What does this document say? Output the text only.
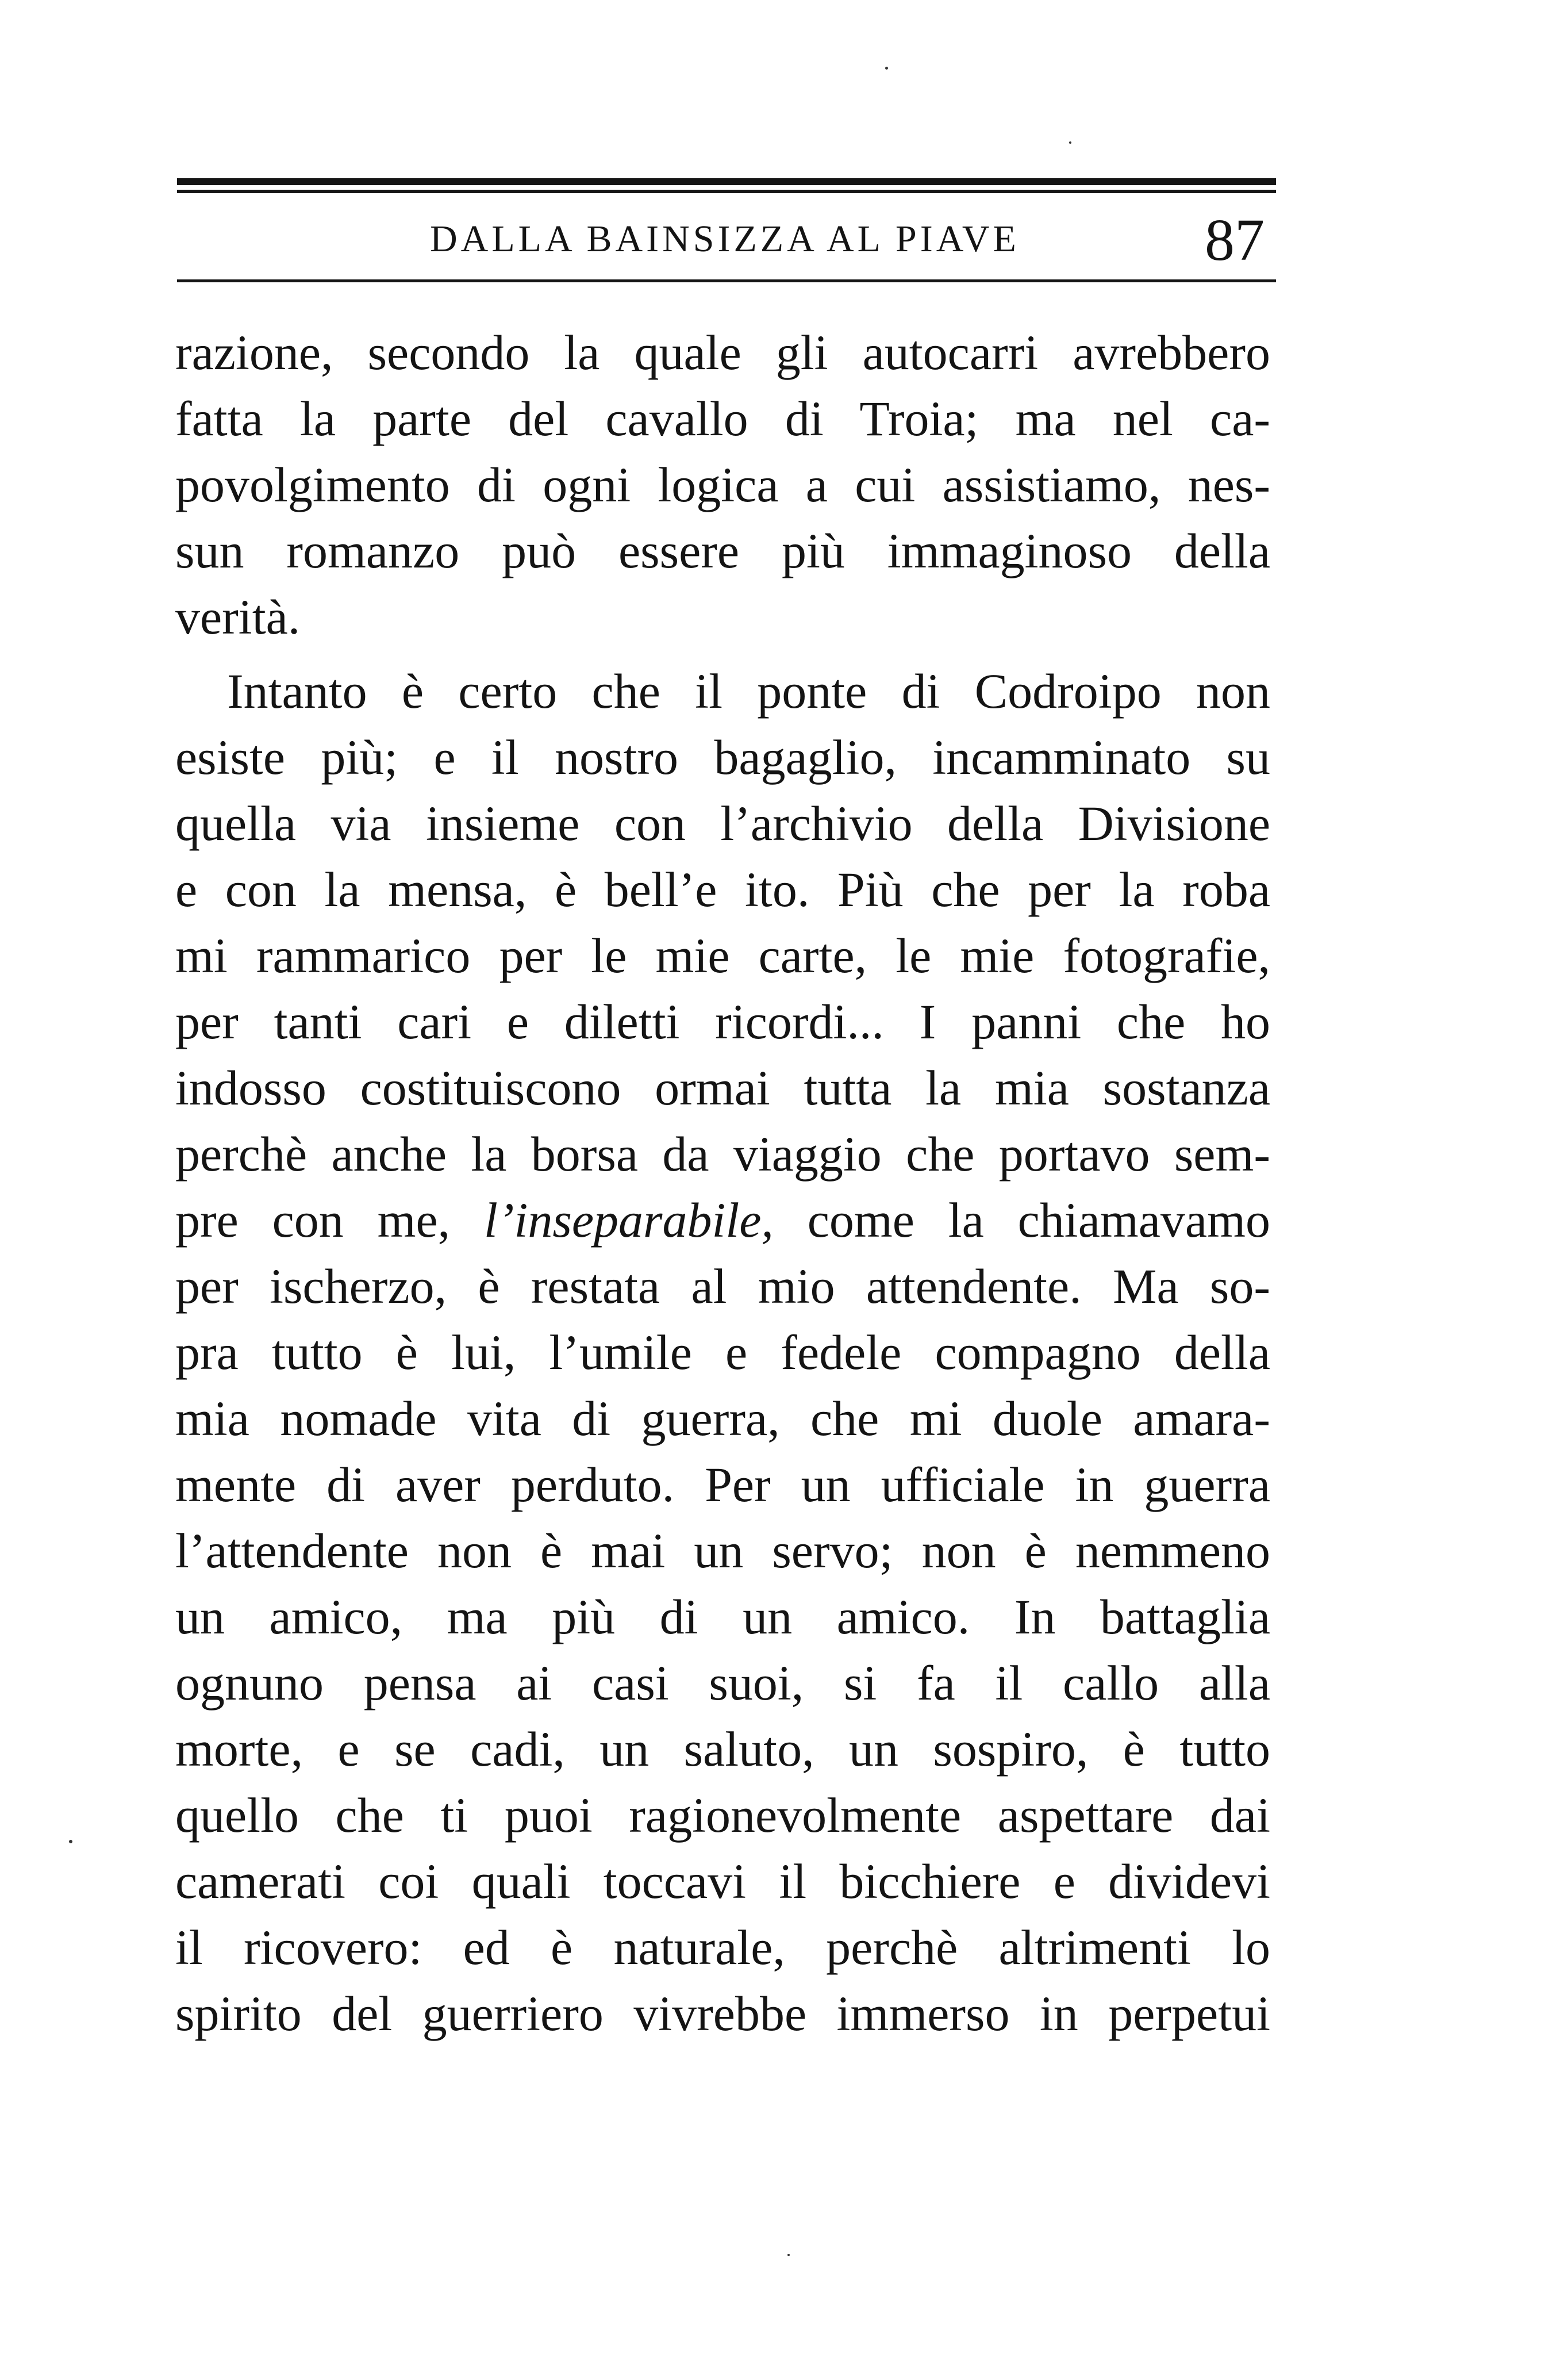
DALLA BAINSIZZA AL PIAVE	87
razione, secondo la quale gli autocarri avrebbero
fatta la parte del cavallo di Troia; ma nel ca-
povolgimento di ogni logica a cui assistiamo, nes-
sun romanzo può essere più immaginoso della
verità.
Intanto è certo che il ponte di Codroipo non
esiste più; e il nostro bagaglio, incamminato su
quella via insieme con l’archivio della Divisione
e con la mensa, è bell’e ito. Più che per la roba
mi rammarico per le mie carte, le mie fotografie,
per tanti cari e diletti ricordi... I panni che ho
indosso costituiscono ormai tutta la mia sostanza
perchè anche la borsa da viaggio che portavo sem-
pre con me, l’inseparabile, come la chiamavamo
per ischerzo, è restata al mio attendente. Ma so-
pra tutto è lui, l’umile e fedele compagno della
mia nomade vita di guerra, che mi duole amara-
mente di aver perduto. Per un ufficiale in guerra
l’attendente non è mai un servo; non è nemmeno
un amico, ma più di un amico. In battaglia
ognuno pensa ai casi suoi, si fa il callo alla
morte, e se cadi, un saluto, un sospiro, è tutto
quello che ti puoi ragionevolmente aspettare dai
camerati coi quali toccavi il bicchiere e dividevi
il ricovero: ed è naturale, perchè altrimenti lo
spirito del guerriero vivrebbe immerso in perpetui
